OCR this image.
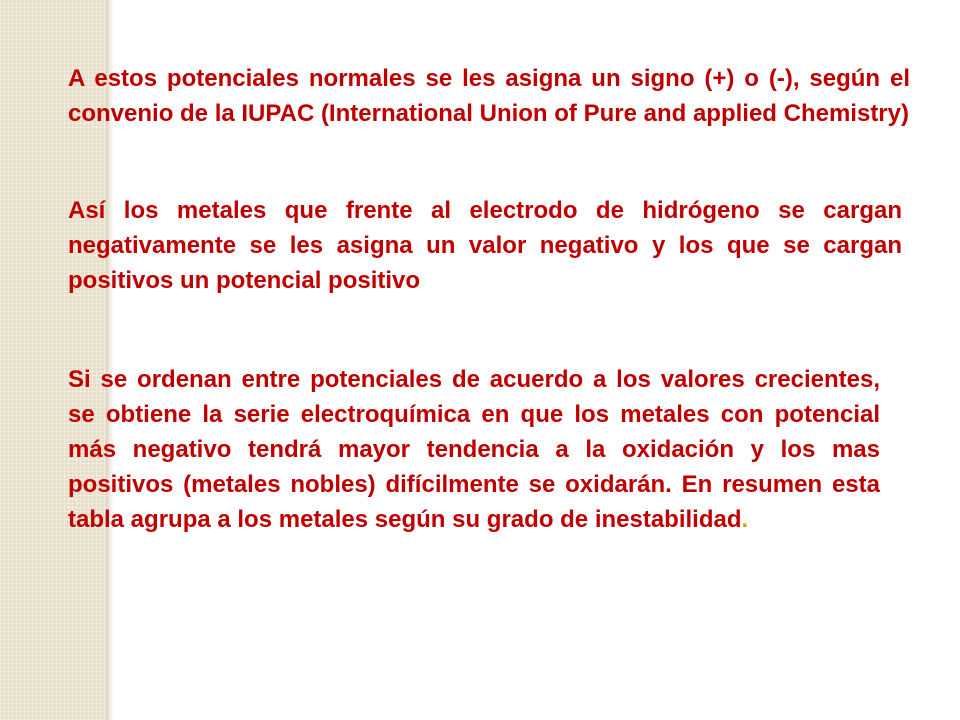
A estos potenciales normales se les asigna un signo (+) o (-), según el convenio de la IUPAC (International Union of Pure and applied Chemistry)

Así los metales que frente al electrodo de hidrógeno se cargan negativamente se les asigna un valor negativo y los que se cargan positivos un potencial positivo

Si se ordenan entre potenciales de acuerdo a los valores crecientes, se obtiene la serie electroquímica en que los metales con potencial más negativo tendrá mayor tendencia a la oxidación y los mas positivos (metales nobles) difícilmente se oxidarán. En resumen esta tabla agrupa a los metales según su grado de inestabilidad.
